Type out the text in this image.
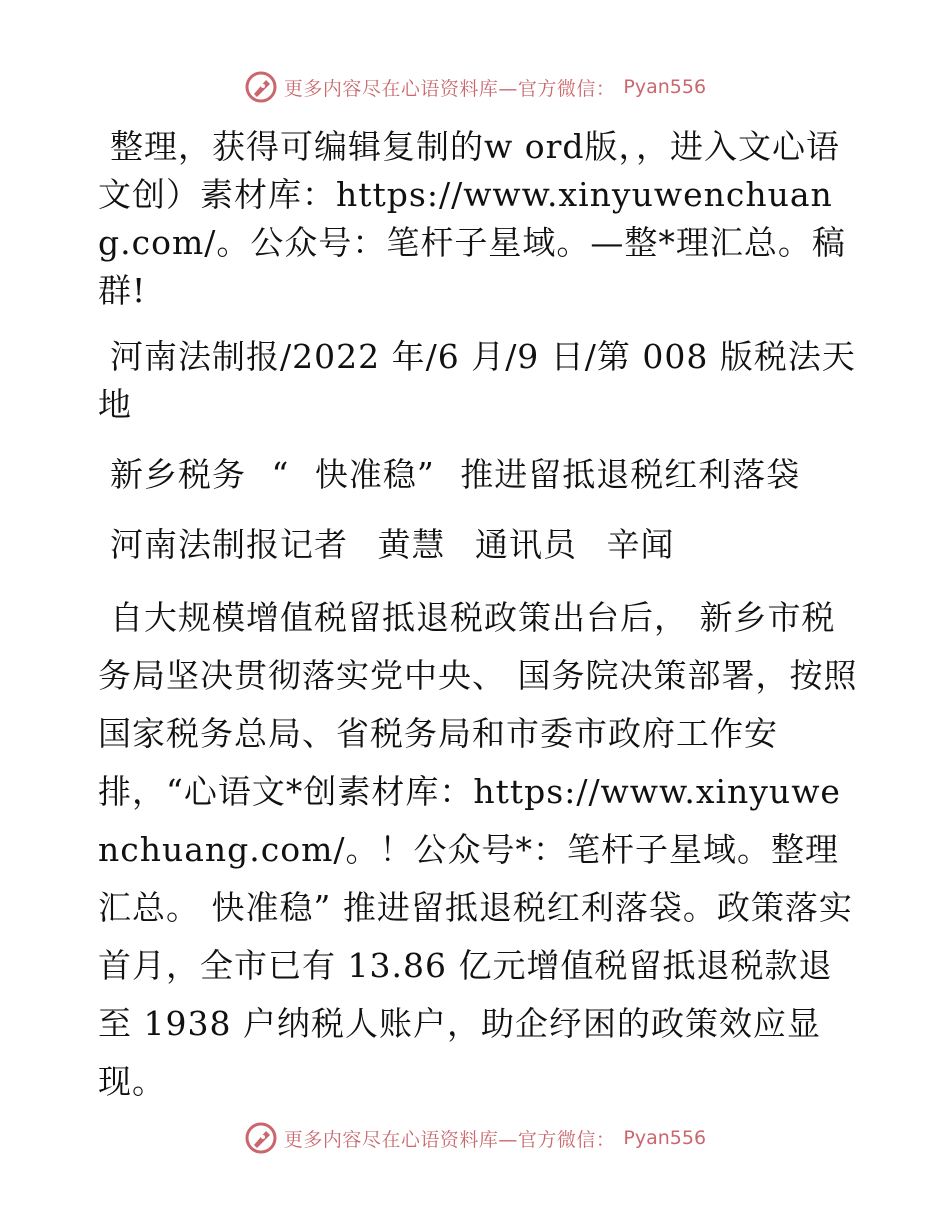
更多内容尽在心语资料库—官方微信： Pyan556

整理，获得可编辑复制的w ord版，，进入文心语文创）素材库：https://www.xinyuwenchuang.com/。公众号：笔杆子星域。—整*理汇总。稿群!

河南法制报/2022 年/6 月/9 日/第 008 版税法天地

新乡税务 “ 快准稳” 推进留抵退税红利落袋

河南法制报记者 黄慧 通讯员 辛闻

自大规模增值税留抵退税政策出台后， 新乡市税务局坚决贯彻落实党中央、 国务院决策部署，按照国家税务总局、省税务局和市委市政府工作安排，“心语文*创素材库：https://www.xinyuwenchuang.com/。！公众号*：笔杆子星域。整理汇总。 快准稳” 推进留抵退税红利落袋。政策落实首月，全市已有 13.86 亿元增值税留抵退税款退至 1938 户纳税人账户，助企纾困的政策效应显现。

更多内容尽在心语资料库—官方微信： Pyan556
